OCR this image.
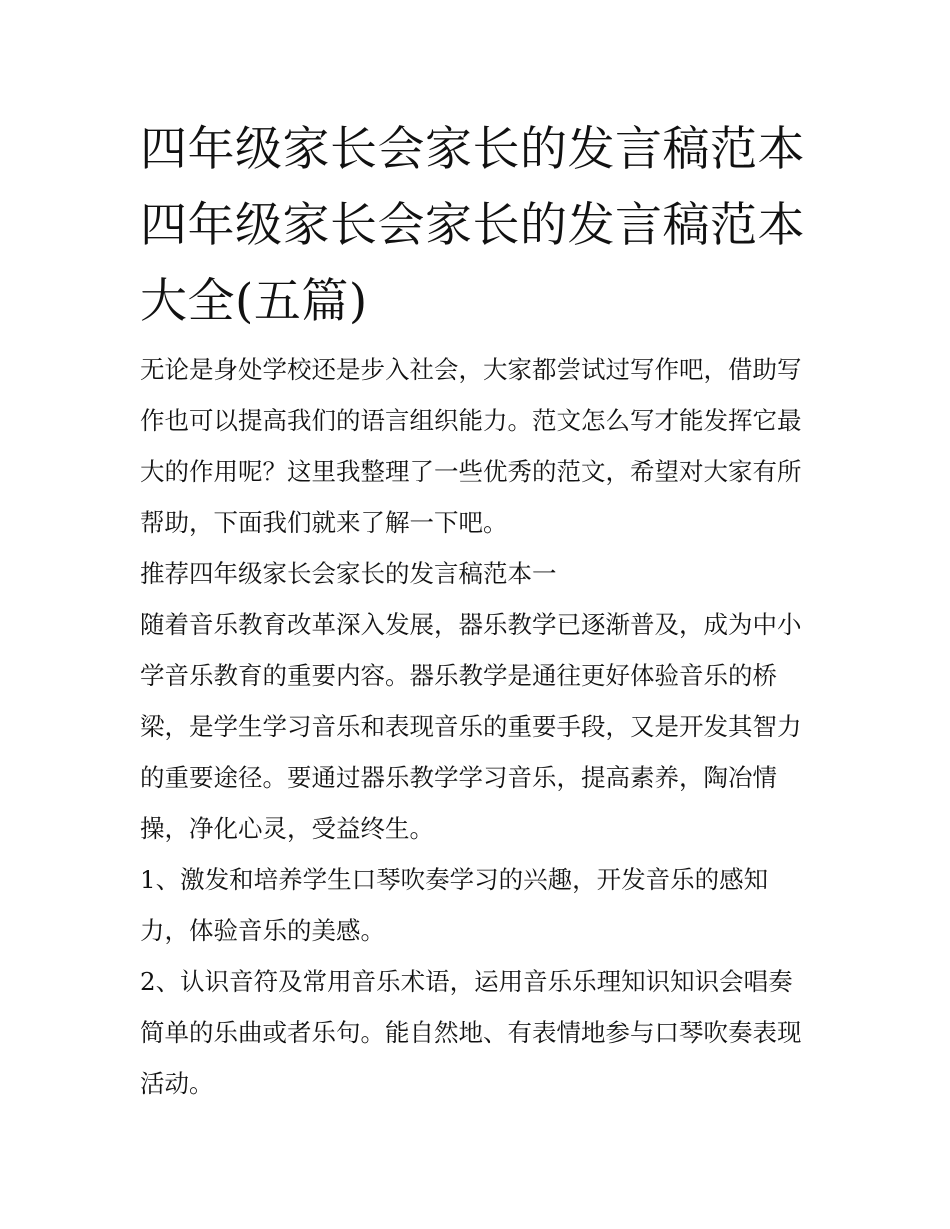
四年级家长会家长的发言稿范本 四年级家长会家长的发言稿范本大全(五篇)

无论是身处学校还是步入社会，大家都尝试过写作吧，借助写作也可以提高我们的语言组织能力。范文怎么写才能发挥它最大的作用呢？这里我整理了一些优秀的范文，希望对大家有所帮助，下面我们就来了解一下吧。

推荐四年级家长会家长的发言稿范本一

随着音乐教育改革深入发展，器乐教学已逐渐普及，成为中小学音乐教育的重要内容。器乐教学是通往更好体验音乐的桥梁，是学生学习音乐和表现音乐的重要手段，又是开发其智力的重要途径。要通过器乐教学学习音乐，提高素养，陶冶情操，净化心灵，受益终生。

1、激发和培养学生口琴吹奏学习的兴趣，开发音乐的感知力，体验音乐的美感。

2、认识音符及常用音乐术语，运用音乐乐理知识知识会唱奏简单的乐曲或者乐句。能自然地、有表情地参与口琴吹奏表现活动。
